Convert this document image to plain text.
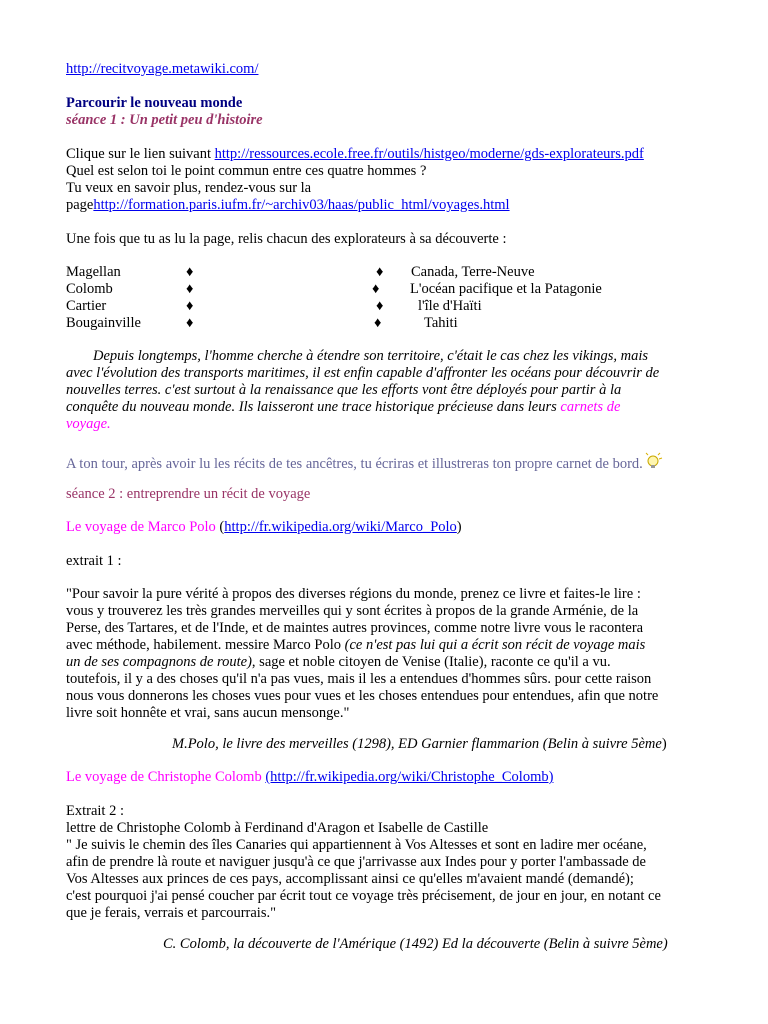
http://recitvoyage.metawiki.com/
Parcourir le nouveau monde
séance 1 : Un petit peu d'histoire
Clique sur le lien suivant http://ressources.ecole.free.fr/outils/histgeo/moderne/gds-explorateurs.pdf
Quel est selon toi le point commun entre ces quatre hommes ?
Tu veux en savoir plus, rendez-vous sur la
pagehttp://formation.paris.iufm.fr/~archiv03/haas/public_html/voyages.html
Une fois que tu as lu la page, relis chacun des explorateurs à sa découverte :
Magellan	♦	♦ Canada, Terre-Neuve
Colomb	♦	♦ L'océan pacifique et la Patagonie
Cartier	♦	♦ l'île d'Haïti
Bougainville	♦	♦	Tahiti
Depuis longtemps, l'homme cherche à étendre son territoire, c'était le cas chez les vikings, mais
avec l'évolution des transports maritimes, il est enfin capable d'affronter les océans pour découvrir de
nouvelles terres. c'est surtout à la renaissance que les efforts vont être déployés pour partir à la
conquête du nouveau monde. Ils laisseront une trace historique précieuse dans leurs carnets de
voyage.
A ton tour, après avoir lu les récits de tes ancêtres, tu écriras et illustreras ton propre carnet de bord.
séance 2 : entreprendre un récit de voyage
Le voyage de Marco Polo (http://fr.wikipedia.org/wiki/Marco_Polo)
extrait 1 :
"Pour savoir la pure vérité à propos des diverses régions du monde, prenez ce livre et faites-le lire :
vous y trouverez les très grandes merveilles qui y sont écrites à propos de la grande Arménie, de la
Perse, des Tartares, et de l'Inde, et de maintes autres provinces, comme notre livre vous le racontera
avec méthode, habilement. messire Marco Polo (ce n'est pas lui qui a écrit son récit de voyage mais
un de ses compagnons de route), sage et noble citoyen de Venise (Italie), raconte ce qu'il a vu.
toutefois, il y a des choses qu'il n'a pas vues, mais il les a entendues d'hommes sûrs. pour cette raison
nous vous donnerons les choses vues pour vues et les choses entendues pour entendues, afin que notre
livre soit honnête et vrai, sans aucun mensonge."
M.Polo, le livre des merveilles (1298), ED Garnier flammarion (Belin à suivre 5ème)
Le voyage de Christophe Colomb (http://fr.wikipedia.org/wiki/Christophe_Colomb)
Extrait 2 :
lettre de Christophe Colomb à Ferdinand d'Aragon et Isabelle de Castille
" Je suivis le chemin des îles Canaries qui appartiennent à Vos Altesses et sont en ladire mer océane,
afin de prendre là route et naviguer jusqu'à ce que j'arrivasse aux Indes pour y porter l'ambassade de
Vos Altesses aux princes de ces pays, accomplissant ainsi ce qu'elles m'avaient mandé (demandé);
c'est pourquoi j'ai pensé coucher par écrit tout ce voyage très précisement, de jour en jour, en notant ce
que je ferais, verrais et parcourrais."
C. Colomb, la découverte de l'Amérique (1492) Ed la découverte (Belin à suivre 5ème)
